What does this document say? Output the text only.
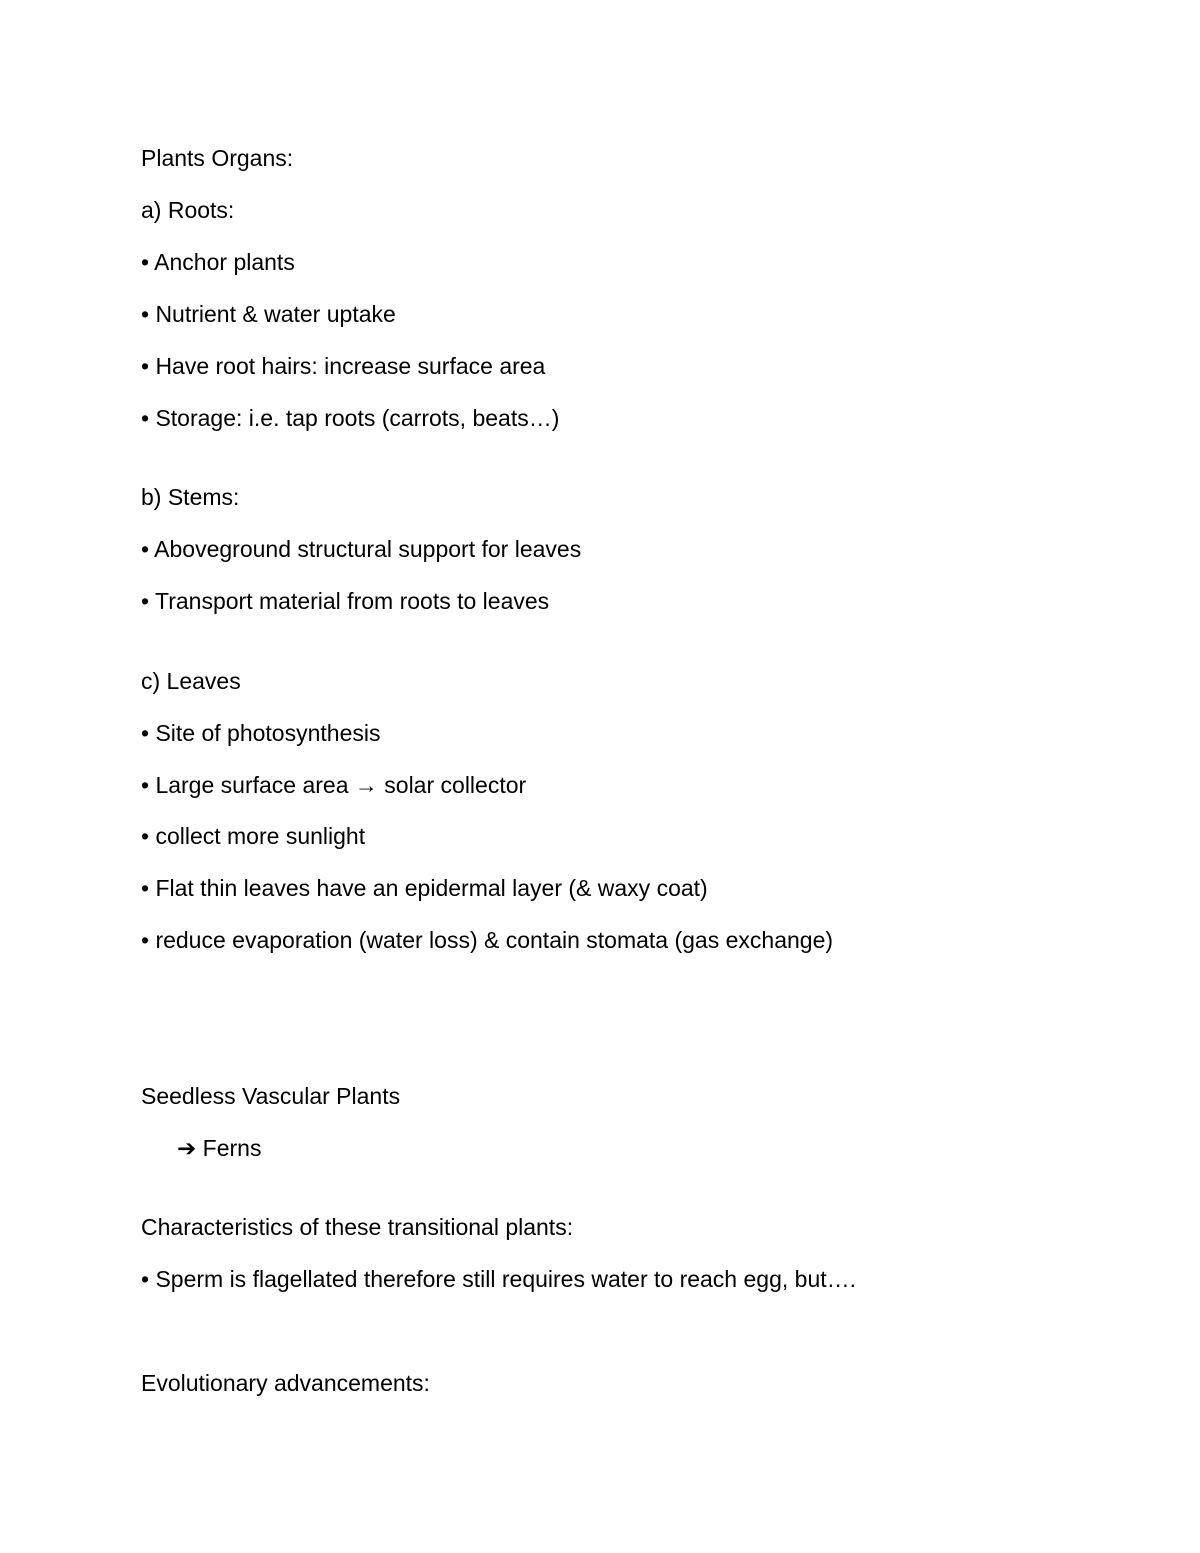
Plants Organs:
a) Roots:
• Anchor plants
• Nutrient & water uptake
• Have root hairs: increase surface area
• Storage: i.e. tap roots (carrots, beats…)
b) Stems:
• Aboveground structural support for leaves
• Transport material from roots to leaves
c) Leaves
• Site of photosynthesis
• Large surface area → solar collector
• collect more sunlight
• Flat thin leaves have an epidermal layer (& waxy coat)
• reduce evaporation (water loss) & contain stomata (gas exchange)
Seedless Vascular Plants
➔ Ferns
Characteristics of these transitional plants:
• Sperm is flagellated therefore still requires water to reach egg, but….
Evolutionary advancements:
